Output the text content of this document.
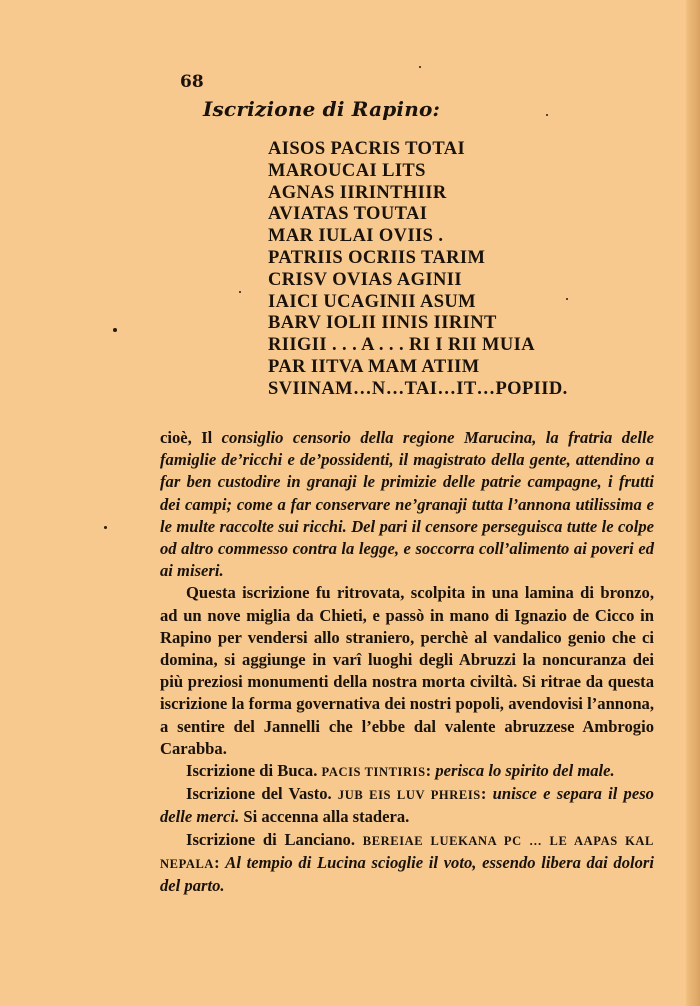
68
Iscrizione di Rapino:
AISOS PACRIS TOTAI
MAROUCAI LITS
AGNAS IIRINTHIIR
AVIATAS TOUTAI
MAR IULAI OVIIS .
PATRIIS OCRIIS TARIM
CRISV OVIAS AGINII
IAICI UCAGINII ASUM
BARV IOLII IINIS IIRINT
RIIGII . . . A . . . RI I RII MUIA
PAR IITVA MAM ATIIM
SVIINAM…N…TAI…IT…POPIID.

cioè, Il consiglio censorio della regione Marucina, la fratria delle famiglie de’ricchi e de’possidenti, il magistrato della gente, attendino a far ben custodire in granaji le primizie delle patrie campagne, i frutti dei campi; come a far conservare ne’granaji tutta l’annona utilissima e le multe raccolte sui ricchi. Del pari il censore perseguisca tutte le colpe od altro commesso contra la legge, e soccorra coll’alimento ai poveri ed ai miseri.

Questa iscrizione fu ritrovata, scolpita in una lamina di bronzo, ad un nove miglia da Chieti, e passò in mano di Ignazio de Cicco in Rapino per vendersi allo straniero, perchè al vandalico genio che ci domina, si aggiunge in varî luoghi degli Abruzzi la noncuranza dei più preziosi monumenti della nostra morta civiltà. Si ritrae da questa iscrizione la forma governativa dei nostri popoli, avendovisi l’annona, a sentire del Jannelli che l’ebbe dal valente abruzzese Ambrogio Carabba.

Iscrizione di Buca. PACIS TINTIRIS: perisca lo spirito del male.

Iscrizione del Vasto. JUB EIS LUV PHREIS: unisce e separa il peso delle merci. Si accenna alla stadera.

Iscrizione di Lanciano. BEREIAE LUEKANA PC … LE AAPAS KAL NEPALA: Al tempio di Lucina scioglie il voto, essendo libera dai dolori del parto.
